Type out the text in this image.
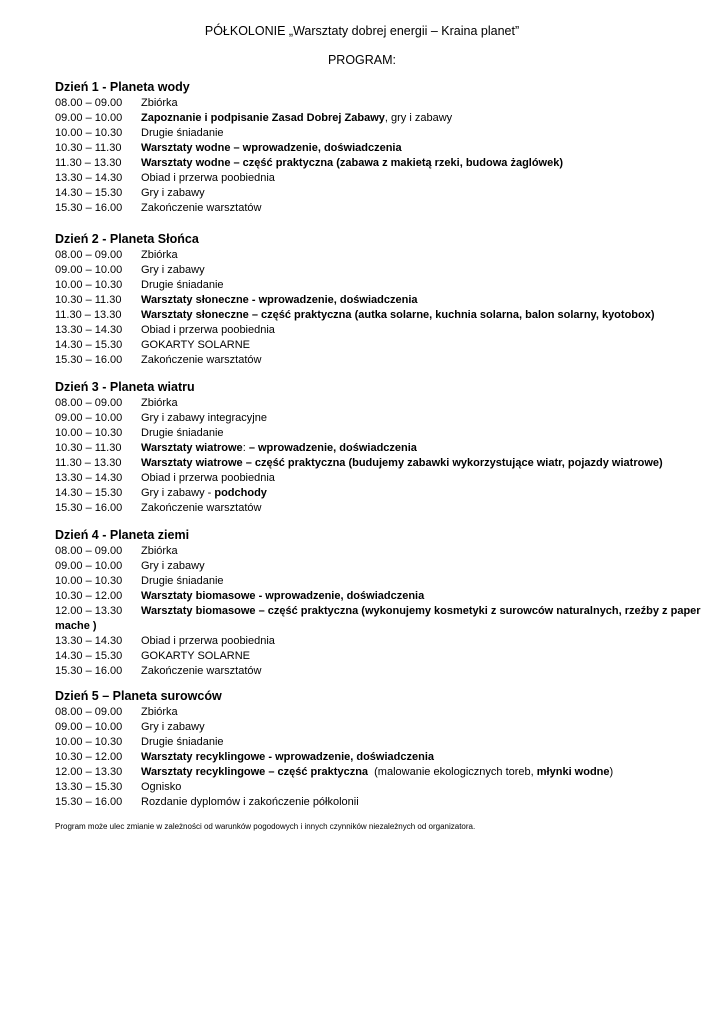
PÓŁKOLONIE „Warsztaty dobrej energii – Kraina planet”
PROGRAM:
Dzień 1 - Planeta wody
08.00 – 09.00 Zbiórka
09.00 – 10.00 Zapoznanie i podpisanie Zasad Dobrej Zabawy, gry i zabawy
10.00 – 10.30 Drugie śniadanie
10.30 – 11.30 Warsztaty wodne – wprowadzenie, doświadczenia
11.30 – 13.30 Warsztaty wodne – część praktyczna (zabawa z makietą rzeki, budowa żaglówek)
13.30 – 14.30 Obiad i przerwa poobiednia
14.30 – 15.30 Gry i zabawy
15.30 – 16.00 Zakończenie warsztatów
Dzień 2 - Planeta Słońca
08.00 – 09.00 Zbiórka
09.00 – 10.00 Gry i zabawy
10.00 – 10.30 Drugie śniadanie
10.30 – 11.30 Warsztaty słoneczne - wprowadzenie, doświadczenia
11.30 – 13.30 Warsztaty słoneczne – część praktyczna (autka solarne, kuchnia solarna, balon solarny, kyotobox)
13.30 – 14.30 Obiad i przerwa poobiednia
14.30 – 15.30 GOKARTY SOLARNE
15.30 – 16.00 Zakończenie warsztatów
Dzień 3 - Planeta wiatru
08.00 – 09.00 Zbiórka
09.00 – 10.00 Gry i zabawy integracyjne
10.00 – 10.30 Drugie śniadanie
10.30 – 11.30 Warsztaty wiatrowe: – wprowadzenie, doświadczenia
11.30 – 13.30 Warsztaty wiatrowe – część praktyczna (budujemy zabawki wykorzystujące wiatr, pojazdy wiatrowe)
13.30 – 14.30 Obiad i przerwa poobiednia
14.30 – 15.30 Gry i zabawy - podchody
15.30 – 16.00 Zakończenie warsztatów
Dzień 4 - Planeta ziemi
08.00 – 09.00 Zbiórka
09.00 – 10.00 Gry i zabawy
10.00 – 10.30 Drugie śniadanie
10.30 – 12.00 Warsztaty biomasowe - wprowadzenie, doświadczenia
12.00 – 13.30 Warsztaty biomasowe – część praktyczna (wykonujemy kosmetyki z surowców naturalnych, rzeźby z paper
mache )
13.30 – 14.30 Obiad i przerwa poobiednia
14.30 – 15.30 GOKARTY SOLARNE
15.30 – 16.00 Zakończenie warsztatów
Dzień 5 – Planeta surowców
08.00 – 09.00 Zbiórka
09.00 – 10.00 Gry i zabawy
10.00 – 10.30 Drugie śniadanie
10.30 – 12.00 Warsztaty recyklingowe - wprowadzenie, doświadczenia
12.00 – 13.30 Warsztaty recyklingowe – część praktyczna  (malowanie ekologicznych toreb, młynki wodne)
13.30 – 15.30 Ognisko
15.30 – 16.00 Rozdanie dyplomów i zakończenie półkolonii
Program może ulec zmianie w zależności od warunków pogodowych i innych czynników niezależnych od organizatora.
